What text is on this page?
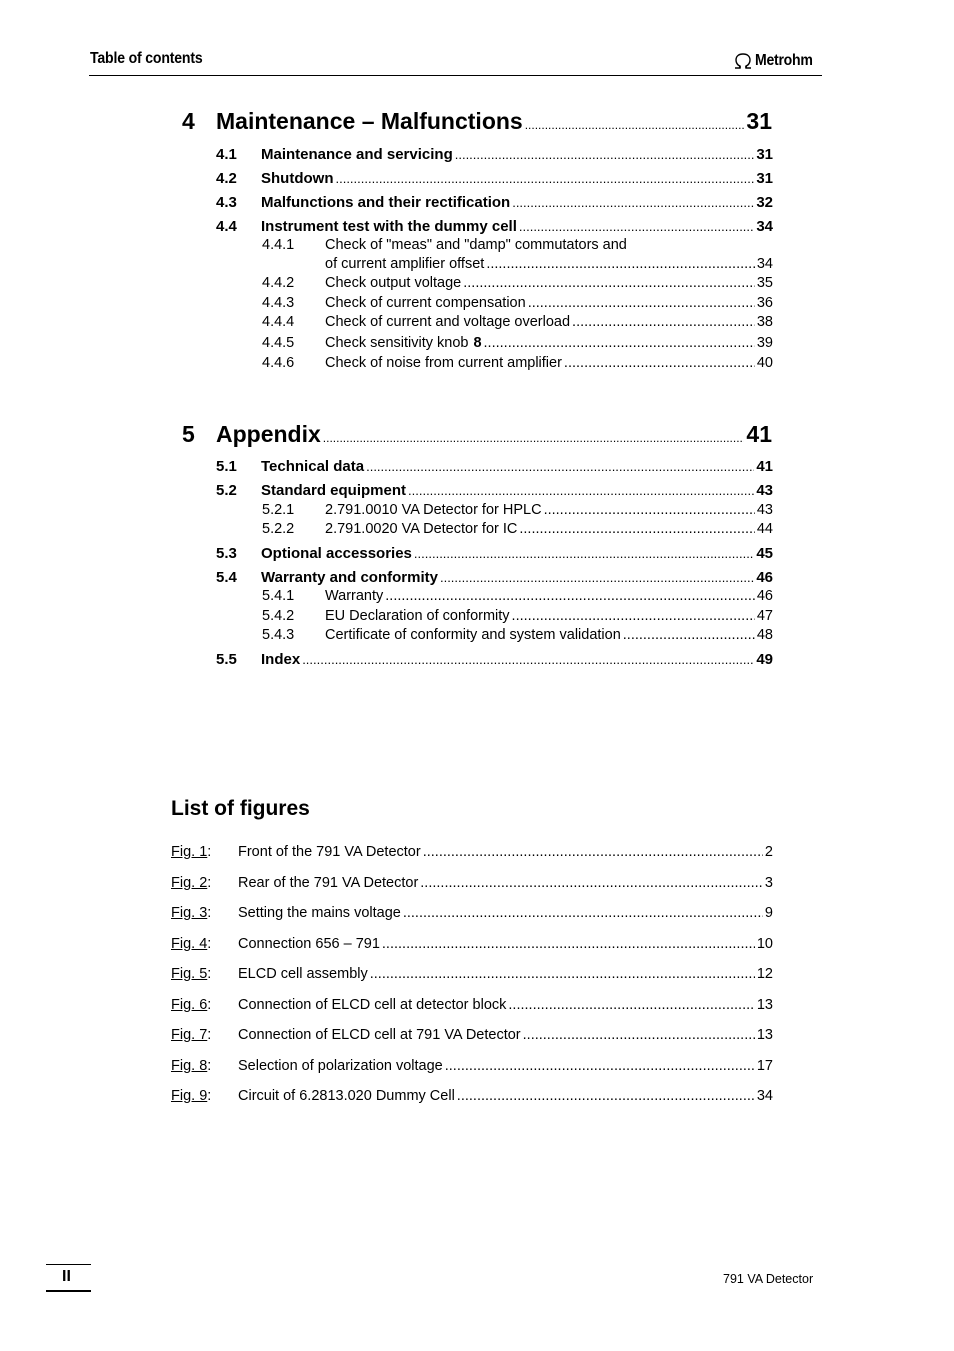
Table of contents	Metrohm
4 Maintenance – Malfunctions .....	31
4.1	Maintenance and servicing .....	31
4.2	Shutdown .....	31
4.3	Malfunctions and their rectification .....	32
4.4	Instrument test with the dummy cell .....	34
4.4.1	Check of "meas" and "damp" commutators and
of current amplifier offset .....	34
4.4.2	Check output voltage .....	35
4.4.3	Check of current compensation .....	36
4.4.4	Check of current and voltage overload .....	38
4.4.5	Check sensitivity knob 8 .....	39
4.4.6	Check of noise from current amplifier .....	40
5 Appendix .....	41
5.1	Technical data .....	41
5.2	Standard equipment .....	43
5.2.1	2.791.0010 VA Detector for HPLC .....	43
5.2.2	2.791.0020 VA Detector for IC .....	44
5.3	Optional accessories .....	45
5.4	Warranty and conformity .....	46
5.4.1	Warranty .....	46
5.4.2	EU Declaration of conformity .....	47
5.4.3	Certificate of conformity and system validation .....	48
5.5	Index .....	49
List of figures
Fig. 1:	Front of the 791 VA Detector .....	2
Fig. 2:	Rear of the 791 VA Detector .....	3
Fig. 3:	Setting the mains voltage .....	9
Fig. 4:	Connection 656 – 791 .....	10
Fig. 5:	ELCD cell assembly .....	12
Fig. 6:	Connection of ELCD cell at detector block .....	13
Fig. 7:	Connection of ELCD cell at 791 VA Detector .....	13
Fig. 8:	Selection of polarization voltage .....	17
Fig. 9:	Circuit of 6.2813.020 Dummy Cell .....	34
II	791 VA Detector
